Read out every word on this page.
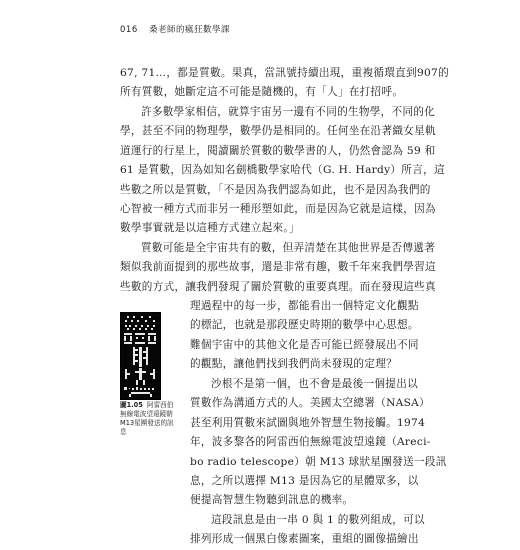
016 桑老師的瘋狂數學課
67, 71…，都是質數。果真，當訊號持續出現，重複循環直到907的
所有質數，她斷定這不可能是隨機的，有「人」在打招呼。
許多數學家相信，就算宇宙另一邊有不同的生物學，不同的化
學，甚至不同的物理學，數學仍是相同的。任何坐在沿著織女星軌
道運行的行星上，閱讀關於質數的數學書的人，仍然會認為 59 和
61 是質數，因為如知名劍橋數學家哈代（G. H. Hardy）所言，這
些數之所以是質數，「不是因為我們認為如此，也不是因為我們的
心智被一種方式而非另一種形塑如此，而是因為它就是這樣，因為
數學事實就是以這種方式建立起來。」
質數可能是全宇宙共有的數，但弄清楚在其他世界是否傳遞著
類似我前面提到的那些故事，還是非常有趣，數千年來我們學習這
些數的方式，讓我們發現了關於質數的重要真理。而在發現這些真
理過程中的每一步，都能看出一個特定文化觀點
的標記，也就是那段歷史時期的數學中心思想。
難個宇宙中的其他文化是否可能已經發展出不同
的觀點，讓他們找到我們尚未發現的定理？
沙根不是第一個，也不會是最後一個提出以
質數作為溝通方式的人。美國太空總署（NASA）
甚至利用質數來試圖與地外智慧生物接觸。1974
年，波多黎各的阿雷西伯無線電波望遠鏡（Areci-
bo radio telescope）朝 M13 球狀星團發送一段訊
息，之所以選擇 M13 是因為它的星體眾多，以
便提高智慧生物聽到訊息的機率。
這段訊息是由一串 0 與 1 的數列組成，可以
排列形成一個黑白像素圖案，重組的圖像描繪出
圖1.05 阿雷西伯
無線電波望遠鏡朝
M13星團發送的訊
息
